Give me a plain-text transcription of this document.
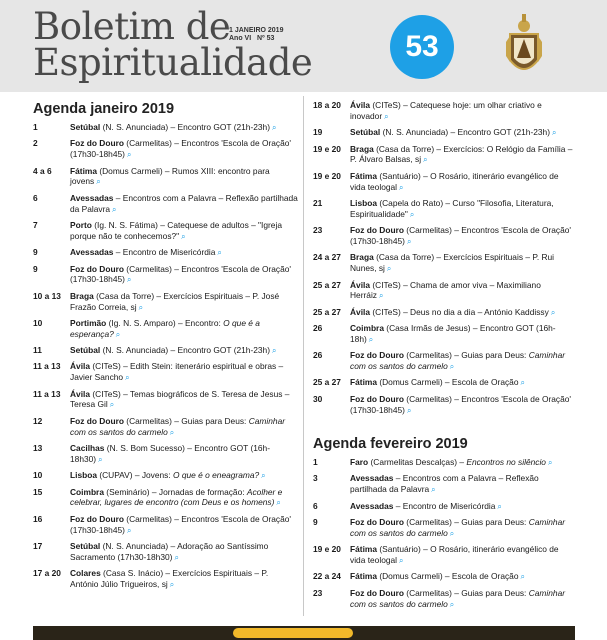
Boletim de
Espiritualidade
1 JANEIRO 2019
Ano VI Nº 53	53
Agenda janeiro 2019
1	Setúbal (N. S. Anunciada) – Encontro GOT (21h-23h) ⌕
2	Foz do Douro (Carmelitas) – Encontros 'Escola de Oração' (17h30-18h45) ⌕
4 a 6	Fátima (Domus Carmeli) – Rumos XIII: encontro para jovens ⌕
6	Avessadas – Encontros com a Palavra – Reflexão partilhada da Palavra ⌕
7	Porto (Ig. N. S. Fátima) – Catequese de adultos – "Igreja porque não te conhecemos?" ⌕
9	Avessadas – Encontro de Misericórdia ⌕
9	Foz do Douro (Carmelitas) – Encontros 'Escola de Oração' (17h30-18h45) ⌕
10 a 13	Braga (Casa da Torre) – Exercícios Espirituais – P. José Frazão Correia, sj ⌕
10	Portimão (Ig. N. S. Amparo) – Encontro: O que é a esperança? ⌕
11	Setúbal (N. S. Anunciada) – Encontro GOT (21h-23h) ⌕
11 a 13	Ávila (CITeS) – Edith Stein: itenerário espiritual e obras – Javier Sancho ⌕
11 a 13	Ávila (CITeS) – Temas biográficos de S. Teresa de Jesus – Teresa Gil ⌕
12	Foz do Douro (Carmelitas) – Guias para Deus: Caminhar com os santos do carmelo ⌕
13	Cacilhas (N. S. Bom Sucesso) – Encontro GOT (16h-18h30) ⌕
10	Lisboa (CUPAV) – Jovens: O que é o eneagrama? ⌕
15	Coimbra (Seminário) – Jornadas de formação: Acolher e celebrar, lugares de encontro (com Deus e os homens) ⌕
16	Foz do Douro (Carmelitas) – Encontros 'Escola de Oração' (17h30-18h45) ⌕
17	Setúbal (N. S. Anunciada) – Adoração ao Santíssimo Sacramento (17h30-18h30) ⌕
17 a 20	Colares (Casa S. Inácio) – Exercícios Espirituais – P. António Júlio Trigueiros, sj ⌕
18 a 20	Ávila (CITeS) – Catequese hoje: um olhar criativo e inovador ⌕
19	Setúbal (N. S. Anunciada) – Encontro GOT (21h-23h) ⌕
19 e 20	Braga (Casa da Torre) – Exercícios: O Relógio da Família – P. Álvaro Balsas, sj ⌕
19 e 20	Fátima (Santuário) – O Rosário, itinerário evangélico de vida teologal ⌕
21	Lisboa (Capela do Rato) – Curso "Filosofia, Literatura, Espiritualidade" ⌕
23	Foz do Douro (Carmelitas) – Encontros 'Escola de Oração' (17h30-18h45) ⌕
24 a 27	Braga (Casa da Torre) – Exercícios Espirituais – P. Rui Nunes, sj ⌕
25 a 27	Ávila (CITeS) – Chama de amor viva – Maximiliano Herráiz ⌕
25 a 27	Ávila (CITeS) – Deus no dia a dia – António Kaddissy ⌕
26	Coimbra (Casa Irmãs de Jesus) – Encontro GOT (16h-18h) ⌕
26	Foz do Douro (Carmelitas) – Guias para Deus: Caminhar com os santos do carmelo ⌕
25 a 27	Fátima (Domus Carmeli) – Escola de Oração ⌕
30	Foz do Douro (Carmelitas) – Encontros 'Escola de Oração' (17h30-18h45) ⌕
Agenda fevereiro 2019
1	Faro (Carmelitas Descalças) – Encontros no silêncio ⌕
3	Avessadas – Encontros com a Palavra – Reflexão partilhada da Palavra ⌕
6	Avessadas – Encontro de Misericórdia ⌕
9	Foz do Douro (Carmelitas) – Guias para Deus: Caminhar com os santos do carmelo ⌕
19 e 20	Fátima (Santuário) – O Rosário, itinerário evangélico de vida teologal ⌕
22 a 24	Fátima (Domus Carmeli) – Escola de Oração ⌕
23	Foz do Douro (Carmelitas) – Guias para Deus: Caminhar com os santos do carmelo ⌕
